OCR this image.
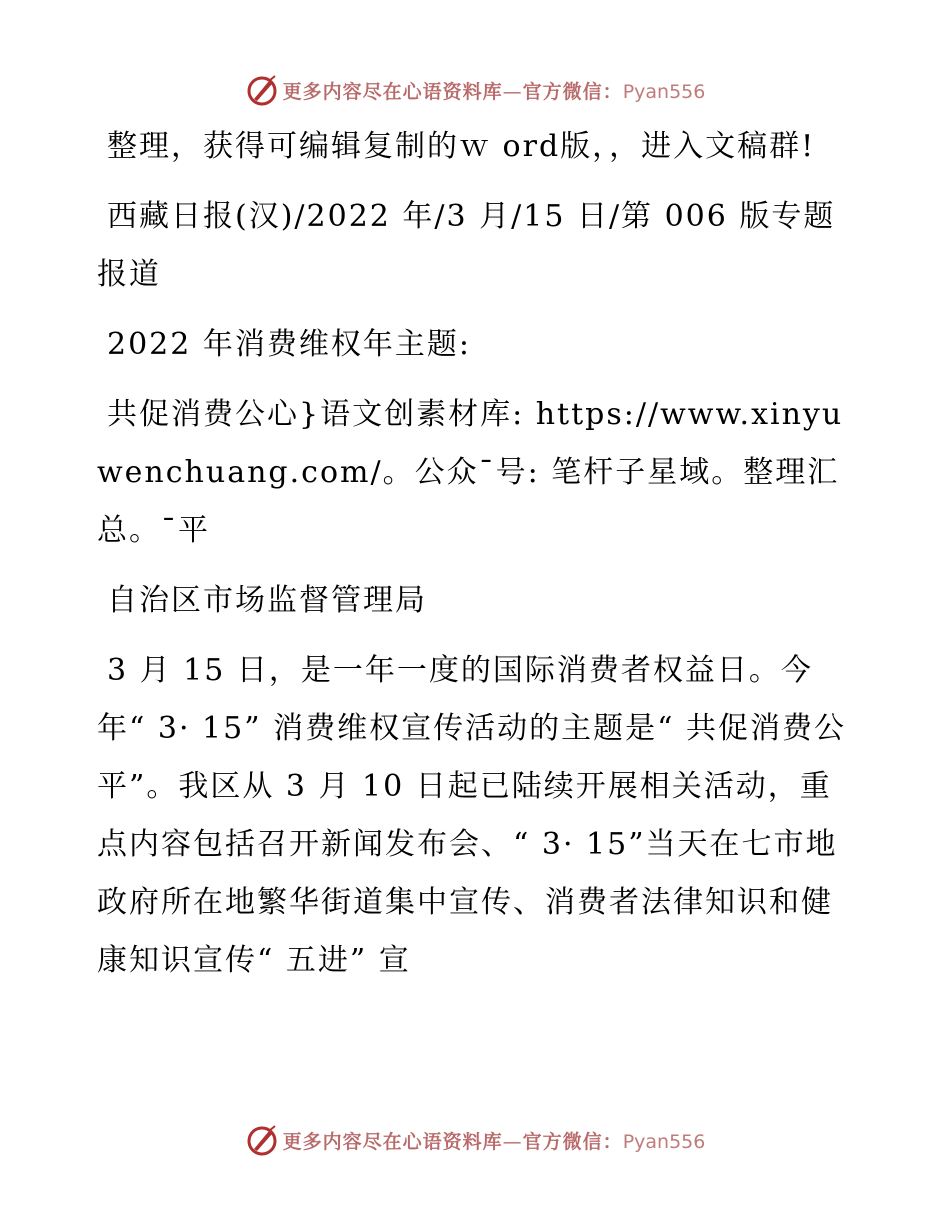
更多内容尽在心语资料库—官方微信：Pyan556

整理，获得可编辑复制的ｗ ord版，，进入文稿群!

西藏日报(汉)/2022 年/3 月/15 日/第 006 版专题报道

2022 年消费维权年主题:

共促消费公心}语文创素材库: https://www.xinyuwenchuang.com/。公众¯号: 笔杆子星域。整理汇总。¯平

自治区市场监督管理局

3 月 15 日，是一年一度的国际消费者权益日。今年“ 3· 15” 消费维权宣传活动的主题是“ 共促消费公平”。我区从 3 月 10 日起已陆续开展相关活动，重点内容包括召开新闻发布会、“ 3· 15”当天在七市地政府所在地繁华街道集中宣传、消费者法律知识和健康知识宣传“ 五进” 宣

更多内容尽在心语资料库—官方微信：Pyan556
